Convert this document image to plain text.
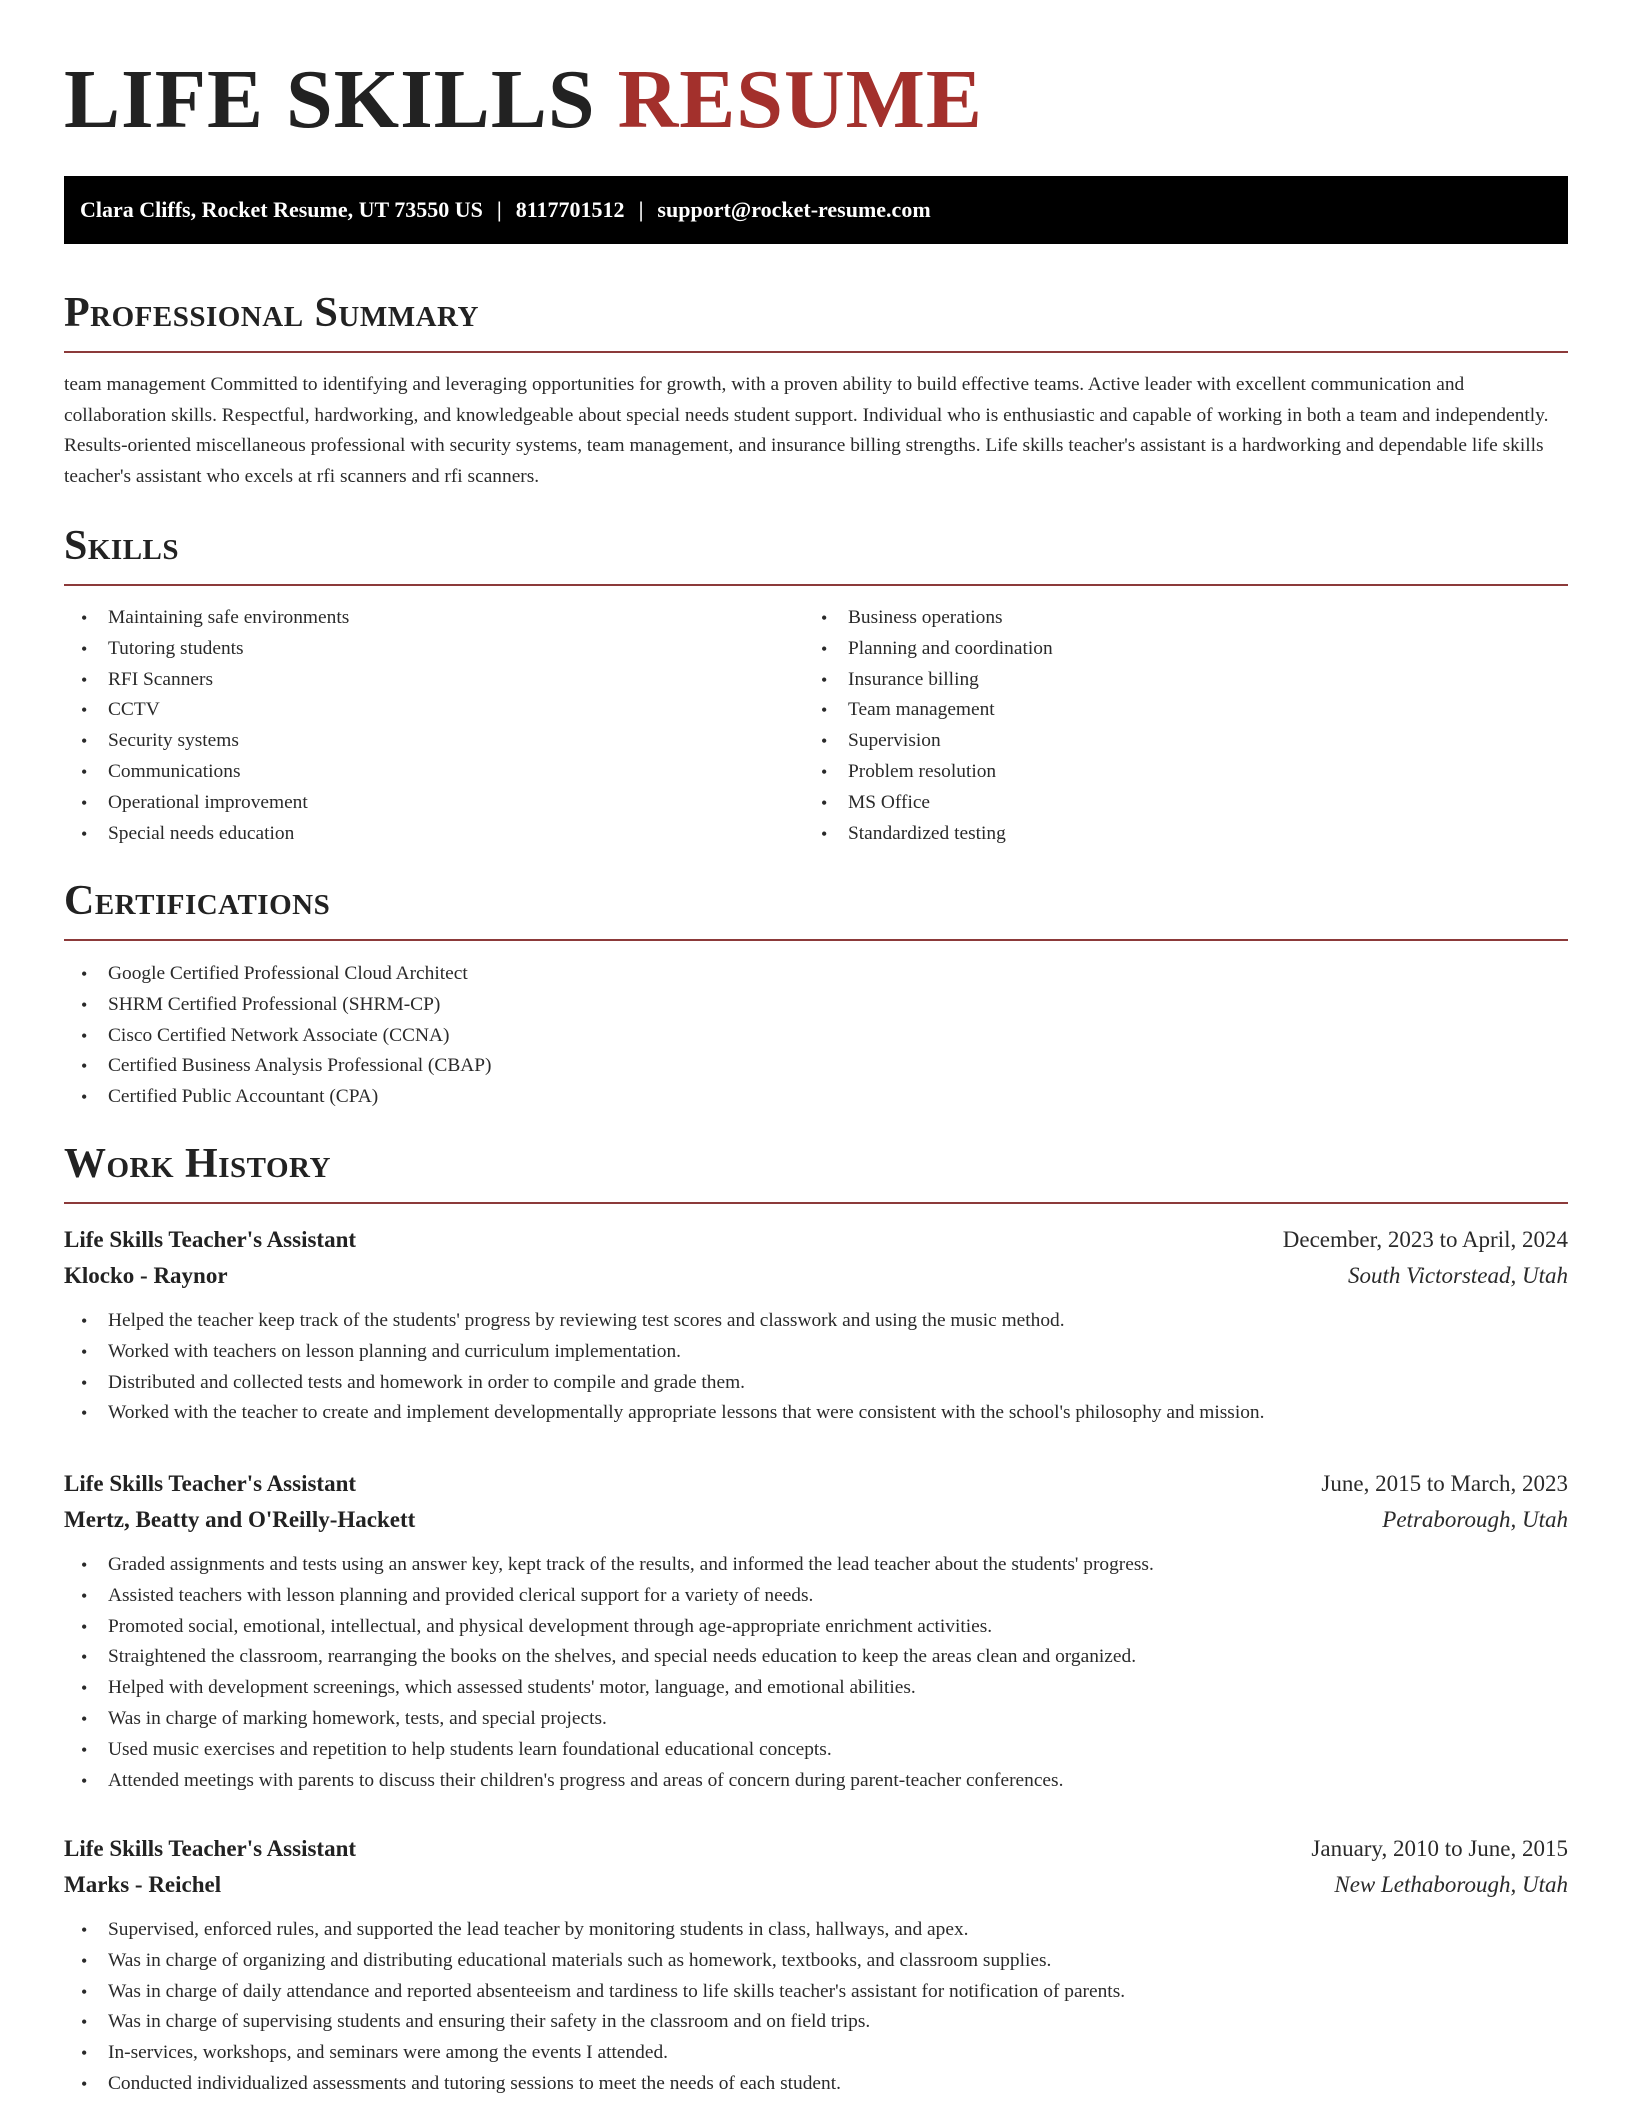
LIFE SKILLS RESUME
Clara Cliffs, Rocket Resume, UT 73550 US | 8117701512 | support@rocket-resume.com
Professional Summary

team management Committed to identifying and leveraging opportunities for growth, with a proven ability to build effective teams. Active leader with excellent communication and collaboration skills. Respectful, hardworking, and knowledgeable about special needs student support. Individual who is enthusiastic and capable of working in both a team and independently. Results-oriented miscellaneous professional with security systems, team management, and insurance billing strengths. Life skills teacher's assistant is a hardworking and dependable life skills teacher's assistant who excels at rfi scanners and rfi scanners.

Skills
• Maintaining safe environments
• Tutoring students
• RFI Scanners
• CCTV
• Security systems
• Communications
• Operational improvement
• Special needs education
• Business operations
• Planning and coordination
• Insurance billing
• Team management
• Supervision
• Problem resolution
• MS Office
• Standardized testing
Certifications
• Google Certified Professional Cloud Architect
• SHRM Certified Professional (SHRM-CP)
• Cisco Certified Network Associate (CCNA)
• Certified Business Analysis Professional (CBAP)
• Certified Public Accountant (CPA)
Work History
Life Skills Teacher's Assistant	December, 2023 to April, 2024
Klocko - Raynor	South Victorstead, Utah
• Helped the teacher keep track of the students' progress by reviewing test scores and classwork and using the music method.
• Worked with teachers on lesson planning and curriculum implementation.
• Distributed and collected tests and homework in order to compile and grade them.
• Worked with the teacher to create and implement developmentally appropriate lessons that were consistent with the school's philosophy and mission.
Life Skills Teacher's Assistant	June, 2015 to March, 2023
Mertz, Beatty and O'Reilly-Hackett	Petraborough, Utah
• Graded assignments and tests using an answer key, kept track of the results, and informed the lead teacher about the students' progress.
• Assisted teachers with lesson planning and provided clerical support for a variety of needs.
• Promoted social, emotional, intellectual, and physical development through age-appropriate enrichment activities.
• Straightened the classroom, rearranging the books on the shelves, and special needs education to keep the areas clean and organized.
• Helped with development screenings, which assessed students' motor, language, and emotional abilities.
• Was in charge of marking homework, tests, and special projects.
• Used music exercises and repetition to help students learn foundational educational concepts.
• Attended meetings with parents to discuss their children's progress and areas of concern during parent-teacher conferences.
Life Skills Teacher's Assistant	January, 2010 to June, 2015
Marks - Reichel	New Lethaborough, Utah
• Supervised, enforced rules, and supported the lead teacher by monitoring students in class, hallways, and apex.
• Was in charge of organizing and distributing educational materials such as homework, textbooks, and classroom supplies.
• Was in charge of daily attendance and reported absenteeism and tardiness to life skills teacher's assistant for notification of parents.
• Was in charge of supervising students and ensuring their safety in the classroom and on field trips.
• In-services, workshops, and seminars were among the events I attended.
• Conducted individualized assessments and tutoring sessions to meet the needs of each student.
